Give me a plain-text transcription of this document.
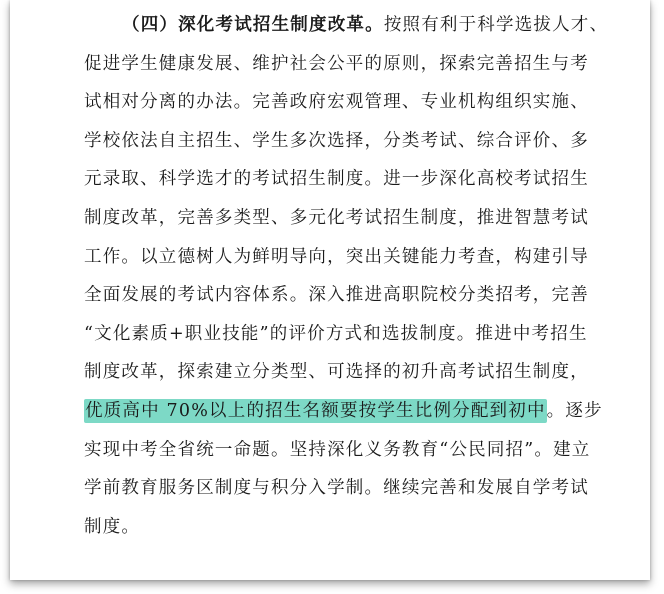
（四）深化考试招生制度改革。按照有利于科学选拔人才、
促进学生健康发展、维护社会公平的原则，探索完善招生与考
试相对分离的办法。完善政府宏观管理、专业机构组织实施、
学校依法自主招生、学生多次选择，分类考试、综合评价、多
元录取、科学选才的考试招生制度。进一步深化高校考试招生
制度改革，完善多类型、多元化考试招生制度，推进智慧考试
工作。以立德树人为鲜明导向，突出关键能力考查，构建引导
全面发展的考试内容体系。深入推进高职院校分类招考，完善
“文化素质+职业技能”的评价方式和选拔制度。推进中考招生
制度改革，探索建立分类型、可选择的初升高考试招生制度，
优质高中 70%以上的招生名额要按学生比例分配到初中。逐步
实现中考全省统一命题。坚持深化义务教育“公民同招”。建立
学前教育服务区制度与积分入学制。继续完善和发展自学考试
制度。
